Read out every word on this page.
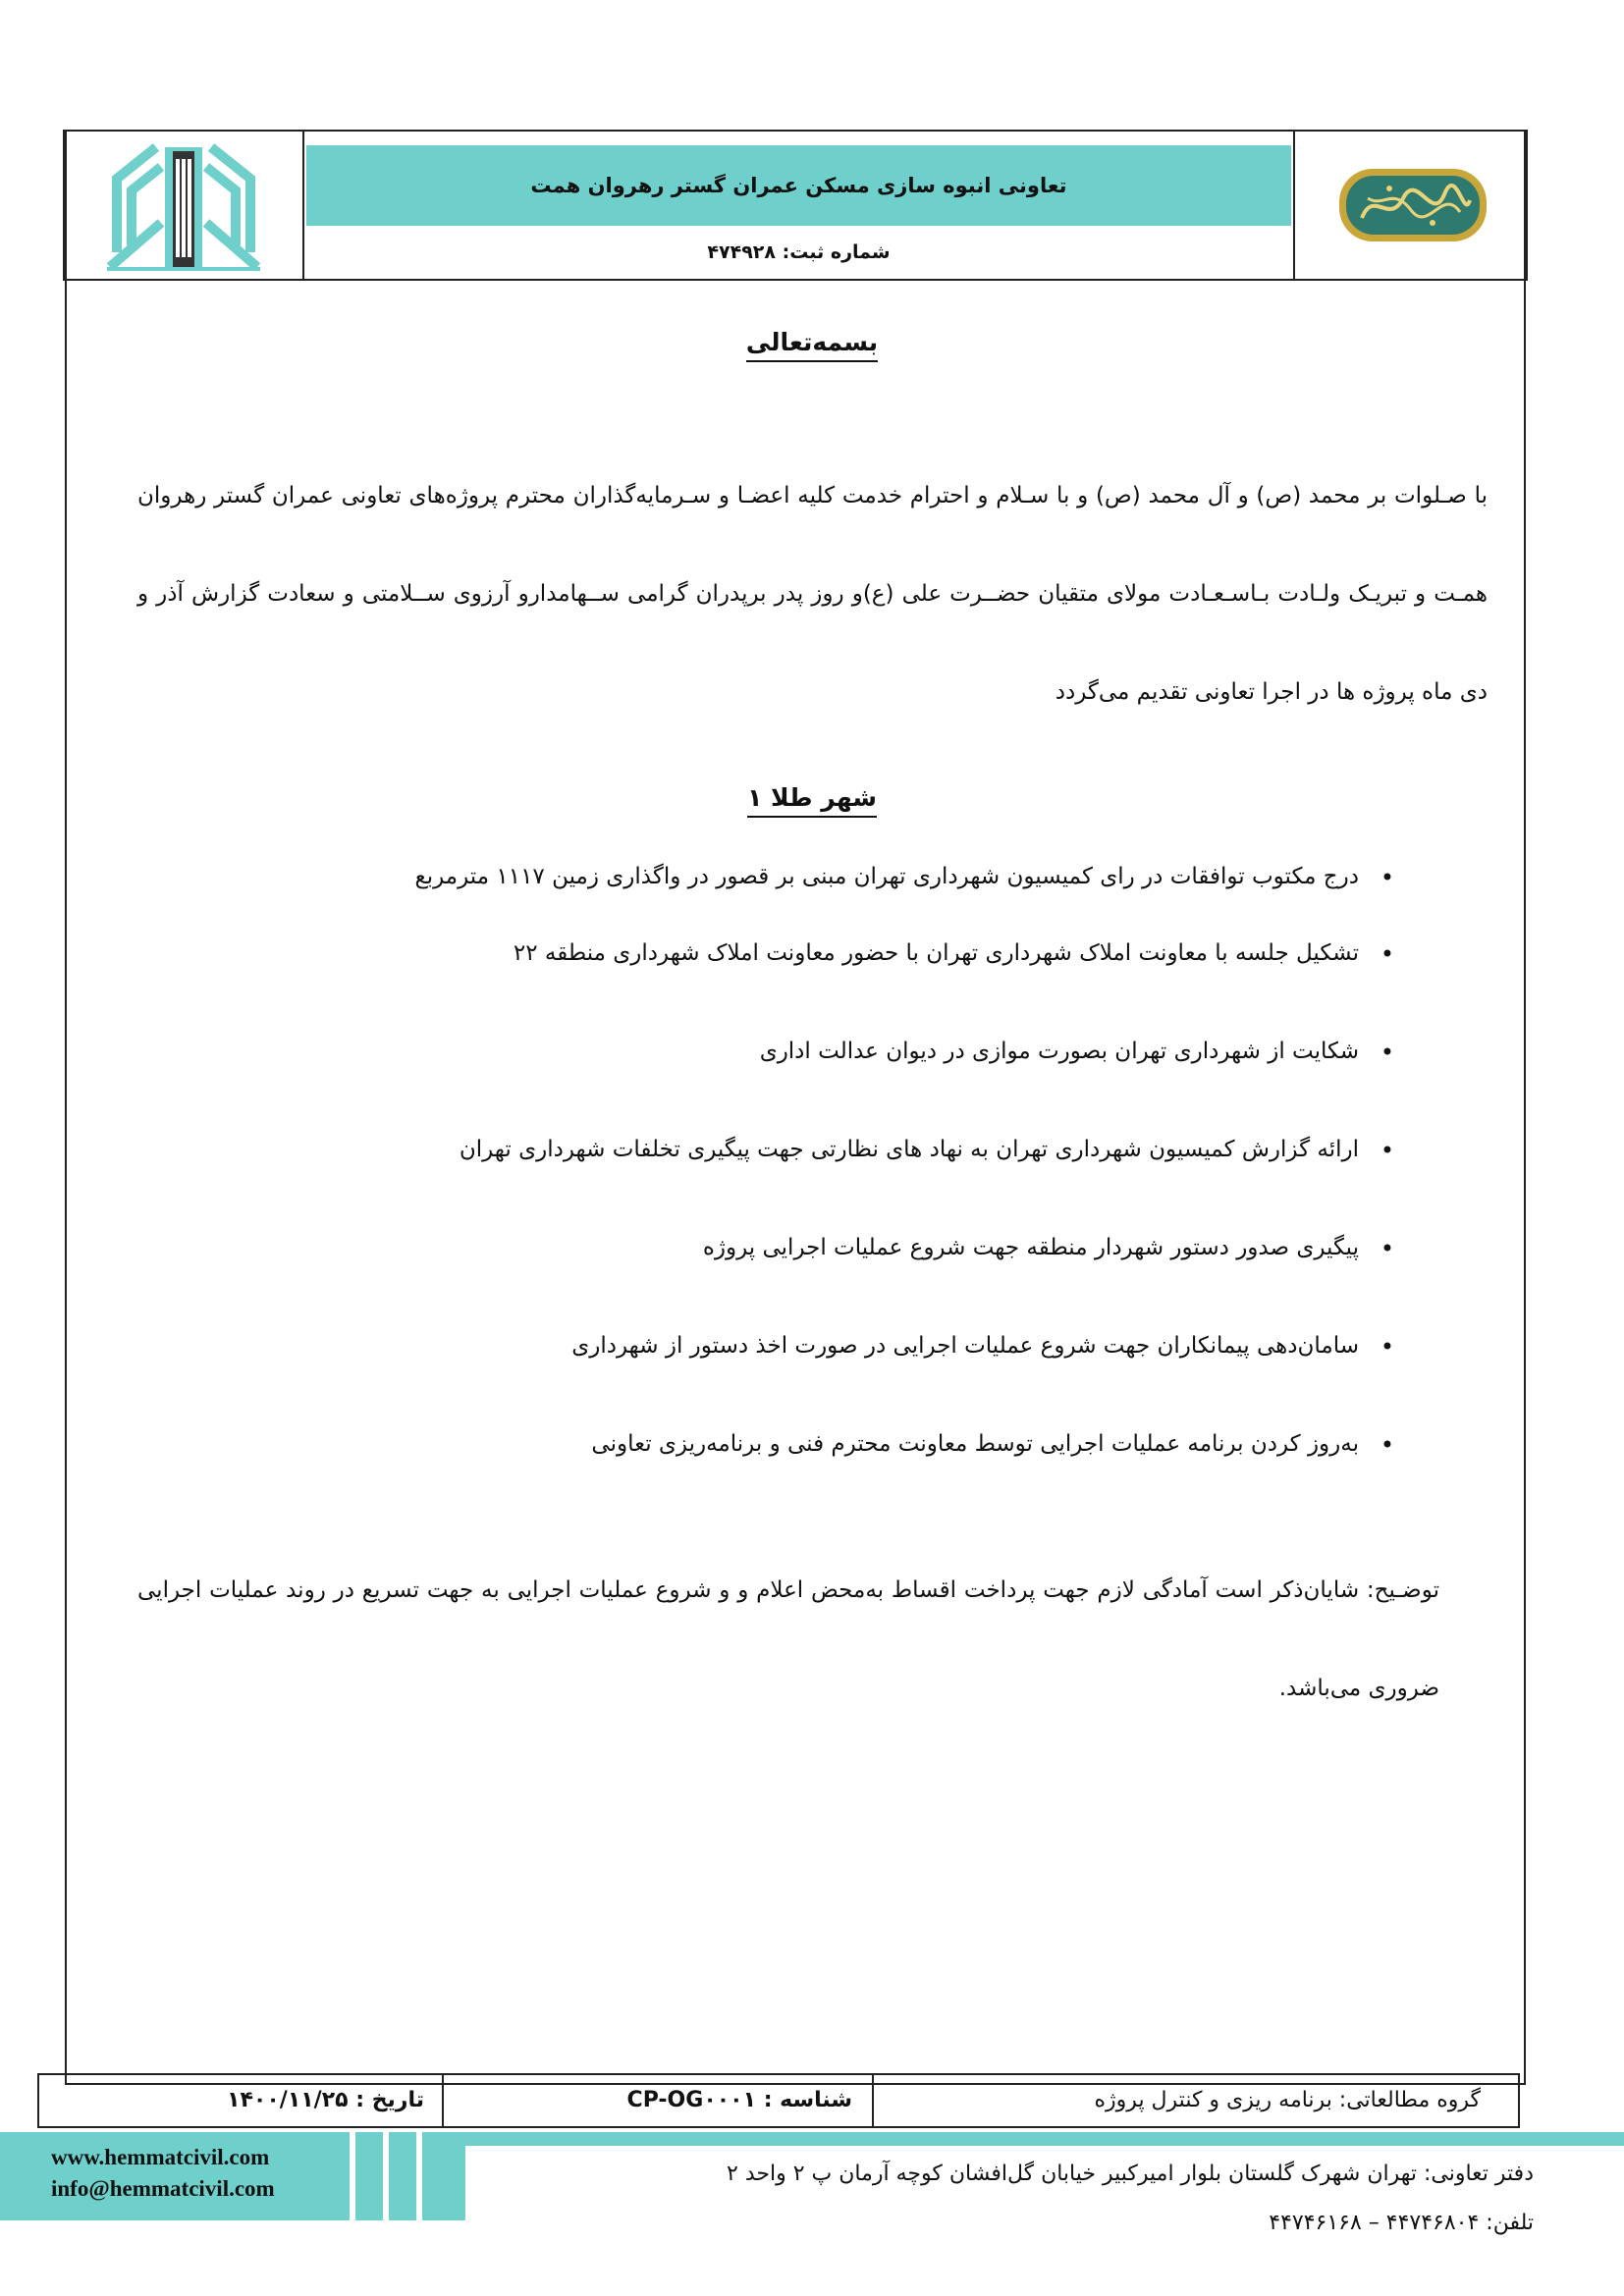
تعاونی انبوه سازی مسکن عمران گستر رهروان همت
شماره ثبت: ۴۷۴۹۲۸
بسمه‌تعالی
با صـلوات بر محمد (ص) و آل محمد (ص) و با سـلام و احترام خدمت کلیه اعضـا و سـرمایه‌گذاران محترم پروژه‌های تعاونی عمران گستر رهروان همـت و تبریـک ولـادت بـاسـعـادت مولای متقیان حضــرت علی (ع)و روز پدر برپدران گرامی ســهامدارو آرزوی ســلامتی و سعادت گزارش آذر و دی ماه پروژه ها در اجرا تعاونی تقدیم می‌گردد
شهر طلا ۱
• درج مکتوب توافقات در رای کمیسیون شهرداری تهران مبنی بر قصور در واگذاری زمین ۱۱۱۷ مترمربع
• تشکیل جلسه با معاونت املاک شهرداری تهران با حضور معاونت املاک شهرداری منطقه ۲۲
• شکایت از شهرداری تهران بصورت موازی در دیوان عدالت اداری
• ارائه گزارش کمیسیون شهرداری تهران به نهاد های نظارتی جهت پیگیری تخلفات شهرداری تهران
• پیگیری صدور دستور شهردار منطقه جهت شروع عملیات اجرایی پروژه
• سامان‌دهی پیمانکاران جهت شروع عملیات اجرایی در صورت اخذ دستور از شهرداری
• به‌روز کردن برنامه عملیات اجرایی توسط معاونت محترم فنی و برنامه‌ریزی تعاونی
توضـیح: شایان‌ذکر است آمادگی لازم جهت پرداخت اقساط به‌محض اعلام و و شروع عملیات اجرایی به جهت تسریع در روند عملیات اجرایی ضروری می‌باشد.
گروه مطالعاتی: برنامه ریزی و کنترل پروژه
شناسه : CP-OG۰۰۰۱
تاریخ : ۱۴۰۰/۱۱/۲۵
www.hemmatcivil.com
info@hemmatcivil.com
دفتر تعاونی: تهران شهرک گلستان بلوار امیرکبیر خیابان گل‌افشان کوچه آرمان پ ۲ واحد ۲
تلفن: ۴۴۷۴۶۸۰۴ – ۴۴۷۴۶۱۶۸
